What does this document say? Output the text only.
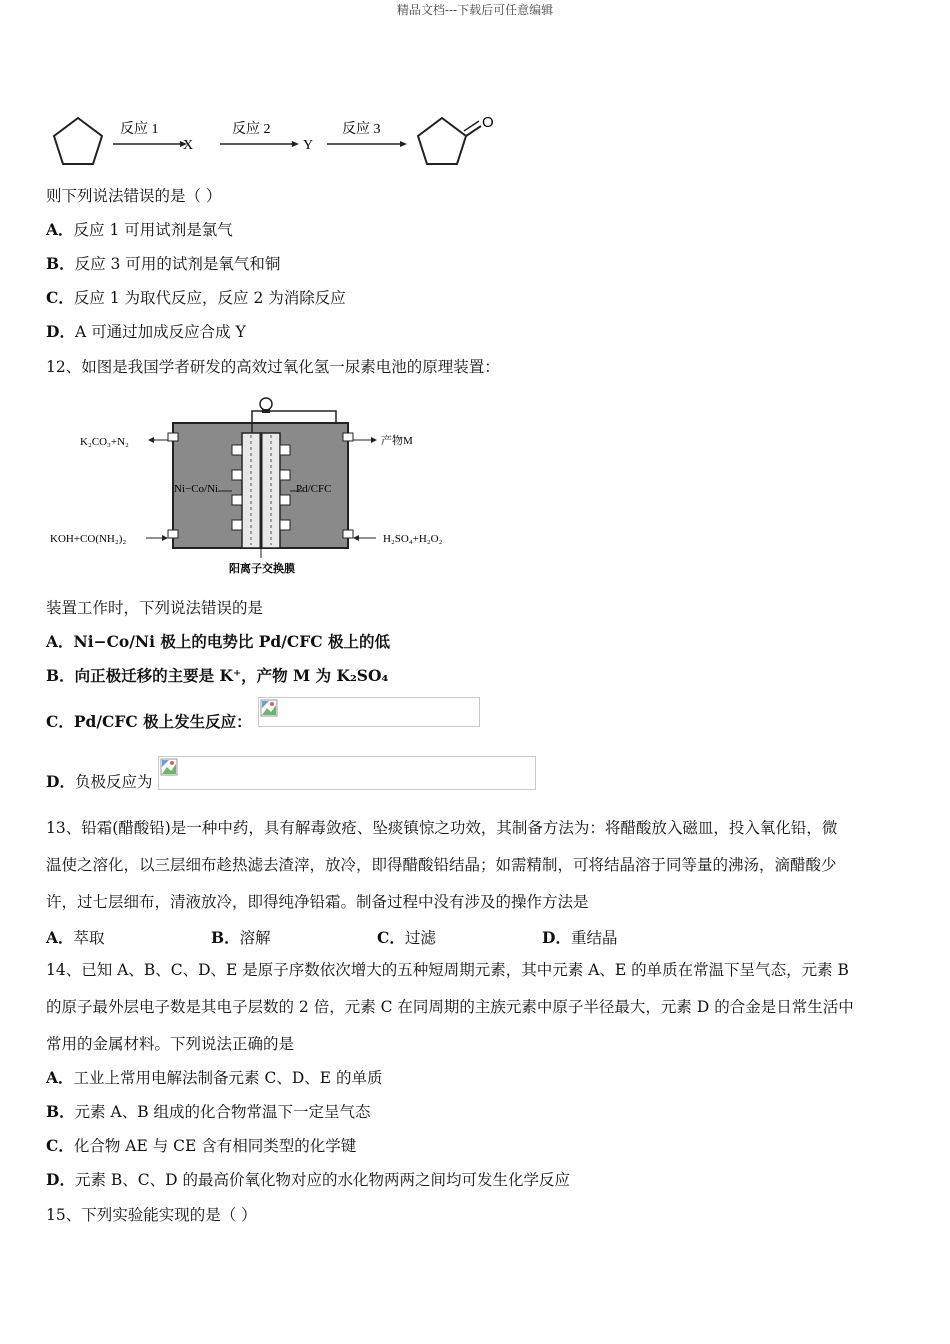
精品文档---下载后可任意编辑
反应 1
X
反应 2
Y
反应 3	O
则下列说法错误的是（ ）
A．反应 1 可用试剂是氯气
B．反应 3 可用的试剂是氧气和铜
C．反应 1 为取代反应，反应 2 为消除反应
D．A 可通过加成反应合成 Y
12、如图是我国学者研发的高效过氧化氢一尿素电池的原理装置：
K₂CO₃+N₂	产物M
KOH+CO(NH₂)₂	H₂SO₄+H₂O₂
Ni−Co/Ni	Pd/CFC
阳离子交换膜
装置工作时，下列说法错误的是
A．Ni−Co/Ni 极上的电势比 Pd/CFC 极上的低
B．向正极迁移的主要是 K⁺，产物 M 为 K₂SO₄
C．Pd/CFC 极上发生反应：
D．负极反应为
13、铅霜(醋酸铅)是一种中药，具有解毒敛疮、坠痰镇惊之功效，其制备方法为：将醋酸放入磁皿，投入氧化铅，微
温使之溶化，以三层细布趁热滤去渣滓，放冷，即得醋酸铅结晶；如需精制，可将结晶溶于同等量的沸汤，滴醋酸少
许，过七层细布，清液放冷，即得纯净铅霜。制备过程中没有涉及的操作方法是
A．萃取	B．溶解	C．过滤	D．重结晶
14、已知 A、B、C、D、E 是原子序数依次增大的五种短周期元素，其中元素 A、E 的单质在常温下呈气态，元素 B
的原子最外层电子数是其电子层数的 2 倍，元素 C 在同周期的主族元素中原子半径最大，元素 D 的合金是日常生活中
常用的金属材料。下列说法正确的是
A．工业上常用电解法制备元素 C、D、E 的单质
B．元素 A、B 组成的化合物常温下一定呈气态
C．化合物 AE 与 CE 含有相同类型的化学键
D．元素 B、C、D 的最高价氧化物对应的水化物两两之间均可发生化学反应
15、下列实验能实现的是（ ）
